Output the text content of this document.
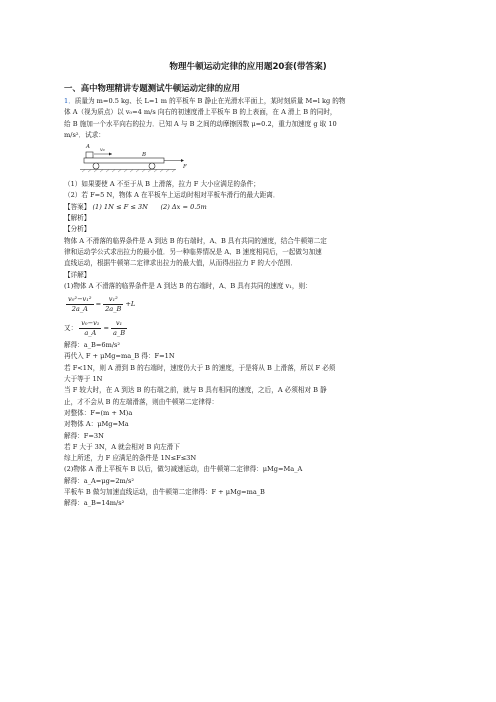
物理牛顿运动定律的应用题20套(带答案)
一、高中物理精讲专题测试牛顿运动定律的应用
1．质量为 m=0.5 kg、长 L=1 m 的平板车 B 静止在光滑水平面上，某时刻质量 M=l kg 的物
体 A（视为质点）以 v₀=4 m/s 向右的初速度滑上平板车 B 的上表面，在 A 滑上 B 的同时，
给 B 施加一个水平向右的拉力．已知 A 与 B 之间的动摩擦因数 μ=0.2，重力加速度 g 取 10
m/s²．试求：
A
v₀
B
F
（1）如果要使 A 不至于从 B 上滑落，拉力 F 大小应满足的条件；
（2）若 F=5 N，物体 A 在平板车上运动时相对平板车滑行的最大距离．
【答案】 (1) 1N ≤ F ≤ 3N (2) Δx = 0.5m
【解析】
【分析】
物体 A 不滑落的临界条件是 A 到达 B 的右端时，A、B 具有共同的速度，结合牛顿第二定
律和运动学公式求出拉力的最小值．另一种临界情况是 A、B 速度相同后，一起做匀加速
直线运动，根据牛顿第二定律求出拉力的最大值，从而得出拉力 F 的大小范围．
【详解】
(1)物体 A 不滑落的临界条件是 A 到达 B 的右端时，A、B 具有共同的速度 v₁，则：
$\frac{\text{v₀²−v₁²}}{2a\_A} = \frac{\text{v₁²}}{2a\_B} +L$
又： $\frac{\text{v₀−v₁}}{a\_A} = \frac{\text{v₁}}{a\_B}$
解得：a_B=6m/s²
再代入 F + μMg=ma_B 得：F=1N
若 F<1N，则 A 滑到 B 的右端时，速度仍大于 B 的速度，于是将从 B 上滑落，所以 F 必须
大于等于 1N
当 F 较大时，在 A 到达 B 的右端之前，就与 B 具有相同的速度，之后，A 必须相对 B 静
止，才不会从 B 的左端滑落，则由牛顿第二定律得：
对整体：F=(m + M)a
对物体 A：μMg=Ma
解得：F=3N
若 F 大于 3N，A 就会相对 B 向左滑下
综上所述，力 F 应满足的条件是 1N≤F≤3N
(2)物体 A 滑上平板车 B 以后，做匀减速运动，由牛顿第二定律得：μMg=Ma_A
解得：a_A=μg=2m/s²
平板车 B 做匀加速直线运动，由牛顿第二定律得：F + μMg=ma_B
解得：a_B=14m/s²
